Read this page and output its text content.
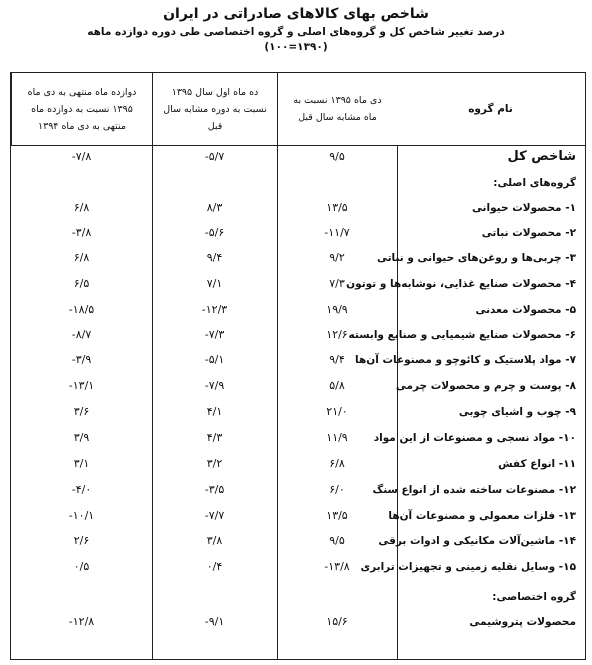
شاخص بهای کالاهای صادراتی در ایران
درصد تغییر شاخص کل و گروه‌های اصلی و گروه اختصاصی طی دوره دوازده ماهه
(۱۰۰=۱۳۹۰)
دوازده ماه منتهی به دی ماه ۱۳۹۵ نسبت به دوازده ماه منتهی به دی ماه ۱۳۹۴
ده ماه اول سال ۱۳۹۵ نسبت به دوره مشابه سال قبل
دی ماه ۱۳۹۵ نسبت به ماه مشابه سال قبل
نام گروه
شاخص کل
۹/۵
-۵/۷
-۷/۸
گروه‌های اصلی:
۱- محصولات حیوانی
۱۳/۵
۸/۳
۶/۸
۲- محصولات نباتی
-۱۱/۷
-۵/۶
-۳/۸
۳- چربی‌ها و روغن‌های حیوانی و نباتی
۹/۲
۹/۴
۶/۸
۴- محصولات صنایع غذایی، نوشابه‌ها و توتون
۷/۳
۷/۱
۶/۵
۵- محصولات معدنی
۱۹/۹
-۱۲/۳
-۱۸/۵
۶- محصولات صنایع شیمیایی و صنایع وابسته
۱۲/۶
-۷/۳
-۸/۷
۷- مواد پلاستیک و کائوچو و مصنوعات آن‌ها
۹/۴
-۵/۱
-۳/۹
۸- پوست و چرم و محصولات چرمی
۵/۸
-۷/۹
-۱۳/۱
۹- چوب و اشیای چوبی
۲۱/۰
۴/۱
۳/۶
۱۰- مواد نسجی و مصنوعات از این مواد
۱۱/۹
۴/۳
۳/۹
۱۱- انواع کفش
۶/۸
۳/۲
۳/۱
۱۲- مصنوعات ساخته شده از انواع سنگ
۶/۰
-۳/۵
-۴/۰
۱۳- فلزات معمولی و مصنوعات آن‌ها
۱۳/۵
-۷/۷
-۱۰/۱
۱۴- ماشین‌آلات مکانیکی و ادوات برقی
۹/۵
۳/۸
۲/۶
۱۵- وسایل نقلیه زمینی و تجهیزات ترابری
-۱۳/۸
۰/۴
۰/۵
گروه اختصاصی:
محصولات پتروشیمی
۱۵/۶
-۹/۱
-۱۲/۸
